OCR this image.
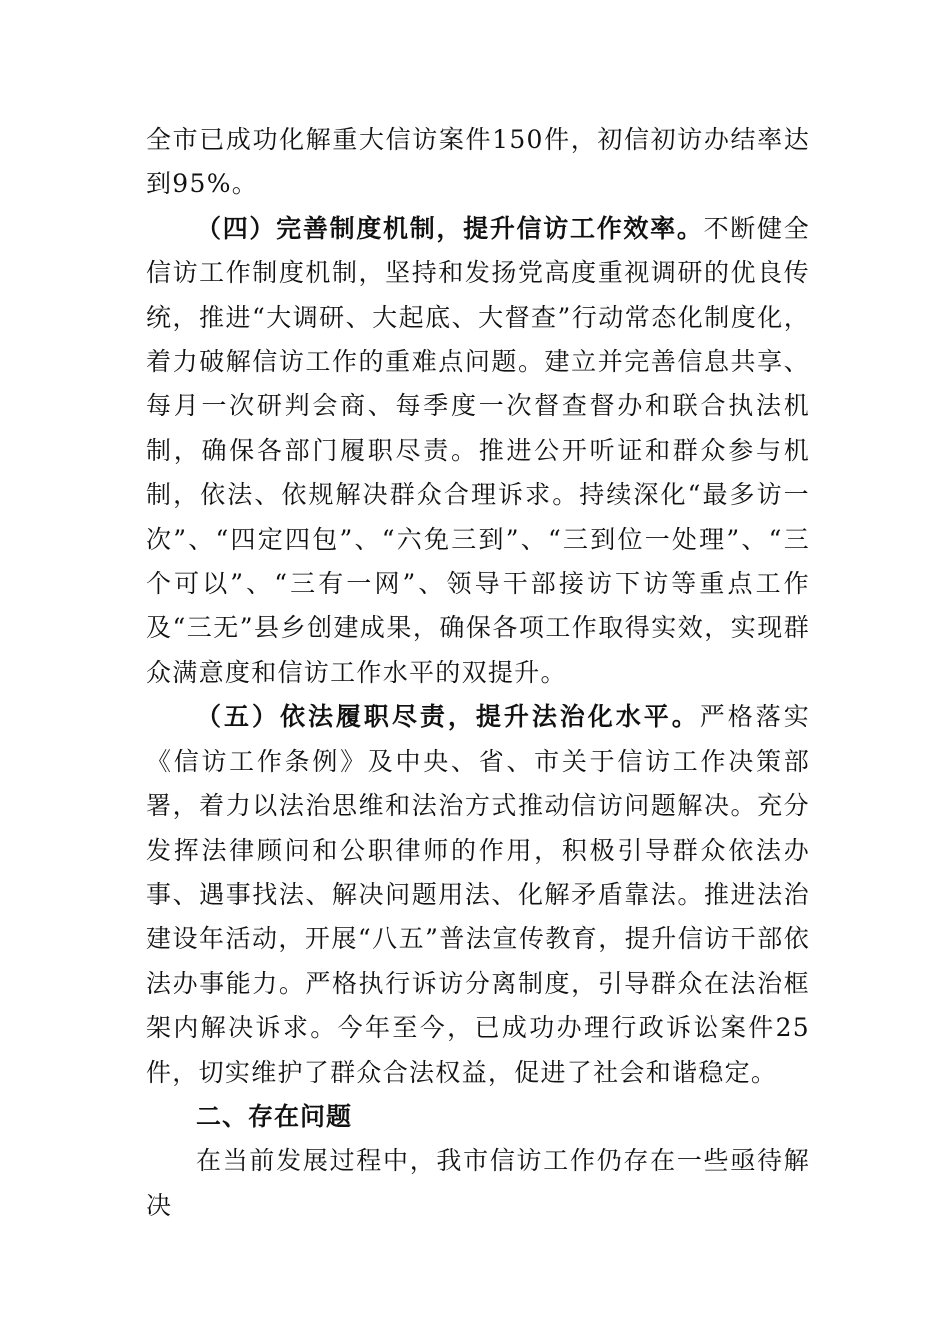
全市已成功化解重大信访案件150件，初信初访办结率达到95%。

（四）完善制度机制，提升信访工作效率。不断健全信访工作制度机制，坚持和发扬党高度重视调研的优良传统，推进“大调研、大起底、大督查”行动常态化制度化，着力破解信访工作的重难点问题。建立并完善信息共享、每月一次研判会商、每季度一次督查督办和联合执法机制，确保各部门履职尽责。推进公开听证和群众参与机制，依法、依规解决群众合理诉求。持续深化“最多访一次”、“四定四包”、“六免三到”、“三到位一处理”、“三个可以”、“三有一网”、领导干部接访下访等重点工作及“三无”县乡创建成果，确保各项工作取得实效，实现群众满意度和信访工作水平的双提升。

（五）依法履职尽责，提升法治化水平。严格落实《信访工作条例》及中央、省、市关于信访工作决策部署，着力以法治思维和法治方式推动信访问题解决。充分发挥法律顾问和公职律师的作用，积极引导群众依法办事、遇事找法、解决问题用法、化解矛盾靠法。推进法治建设年活动，开展“八五”普法宣传教育，提升信访干部依法办事能力。严格执行诉访分离制度，引导群众在法治框架内解决诉求。今年至今，已成功办理行政诉讼案件25件，切实维护了群众合法权益，促进了社会和谐稳定。

二、存在问题

在当前发展过程中，我市信访工作仍存在一些亟待解决
